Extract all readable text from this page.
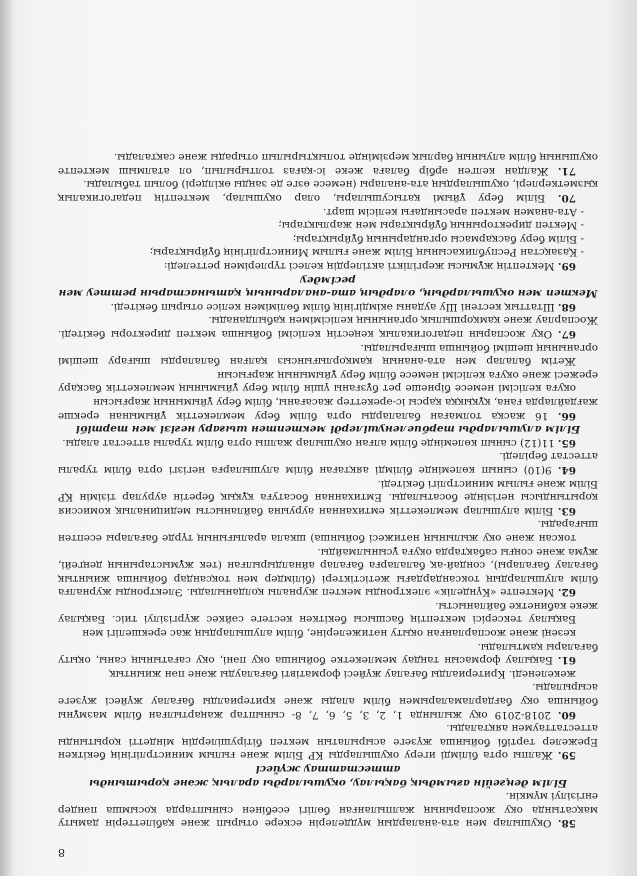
8

58. Оқушылар мен ата-аналардың мүдделерін ескере отырып және қабілеттерін дамыту мақсатында оқу жоспарының жалпыланған бөлігі есебінен сыныптарда қосымша пәндер енгізілуі мүмкін.

Білім деңгейін ағымдық бақылау, оқушыларды аралық және қорытынды аттестаттау жүйесі

59. Жалпы орта білімді игеру оқушыларды КР Білім және ғылым министрлігінің бекіткен Ережелер тәртібі бойынша жүзеге асырылатын мектеп бітірушілердің міндетті қорытынды аттестаттаумен аяқталады.

60. 2018-2019 оқу жылында 1, 2, 3, 5, 6, 7, 8- сыныптар жаңартылған білім мазмұны бойынша оқу бағдарламаларымен білім алады және критериалды бағалау жүйесі жүзеге асырылады.

жекеленеді. Критериалды бағалау жүйесі форматівті бағалауды және пән жиынтық

61. Бақылау формасын таңдау мемлекетке бойынша оқу пәні, оқу сағатының саны, оқыту бағалары қамтылады.

кезеңі және жоспарланған оқыту нәтижелеріне, білім алушылардың жас ерекшелігі мен

Бақылау тексерісі мектептің басшысы бекіткен кестеге сәйкес жүргізілуі тиіс. Бақылау жеке кабинетке байланысты.

62. Мектепте «Күнделік» электронды мектеп журналы қолданылады. Электронды журналға білім алушылардың токсандардағы жетістіктері (білімдер мен тоқсандар бойынша жиынтық бағалау бағалары), сондай-ақ балаларға бағалар айналдырылған (тек жұмыстарының деңгейі, жұма және соңғы сабақтарда оқуға ұсынылмайды.

токсан және оқу жылының нәтижесі бойынша) шкала аралығының түрде бағалары есептен шығарады.

63. Білім алушылар мемлекеттік емтиханнан ауруына байланысты медициналық комиссия қорытындысы негізінде босатылады. Емтиханнан босатуға құқық беретін аурулар тізімін ҚР Білім және ғылым министрлігі бекітеді.

64. 9(10) сынып көлемінде білімді аяқтаған білім алушыларға негізгі орта білім туралы аттестат беріледі.

65. 11(12) сынып көлемінде білім алған оқушылар жалпы орта білім туралы аттестат алады.

Білім алушыларды тәрбиеленушілерді мектептен шығару негізі мен тәртібі

66. 16 жасқа толмаған балаларды орта білім беру мемлекеттік ұйымынан ерекше жағдайларда ғана, құқыққа қарсы іс-әрекеттер жасағаны, білім беру ұйымының жарғысын

оқуға келісімі немесе бірнеше рет бұзғаны үшін білім беру ұйымының мемлекеттік басқару ережесі және оқуға келісімі немесе білім беру ұйымының жарғысын

Жетім балалар мен ата-ананың қамқорлығынсыз қалған балаларды шығару шешімі органының шешімі бойынша шығарылады.

67. Оқу жоспарын педагогикалық кеңестің келісімі бойынша мектеп директоры бекітеді. Жоспарлау және қамқоршылық органының келісімімен қабылданады.

68. Штаттық кестені Шу ауданы әкімдігінің білім бөлімімен келісе отырып бекітеді.

Мектеп мен оқушылардың, олардың ата-аналарының қатынастарын реттеу мен ресімдеу

69. Мектептің жұмысы жергілікті актілердің келесі түрлерімен реттеледі:

- Қазақстан Республикасының Білім және ғылым Министрлігінің бұйрықтары;

- Білім беру басқармасы органдарының бұйрықтары;

- Мектеп директорының бұйрықтары мен жарлықтары;

- Ата-анамен мектеп арасындағы келісім шарт.

70. Білім беру ұйымі қатысушылары, олар оқушылар, мектептің педагогикалық қызметкерлері, оқушылардың ата-аналары (немесе өзге де заңды өкілдері) болып табылады.

71. Жалдан келген әрбір балаға жеке іс-қағаз толтырылып, ол аталмыш мектепте оқушының білім алуының барлық мерзімінде толықтырылып отырады және сақталады.
